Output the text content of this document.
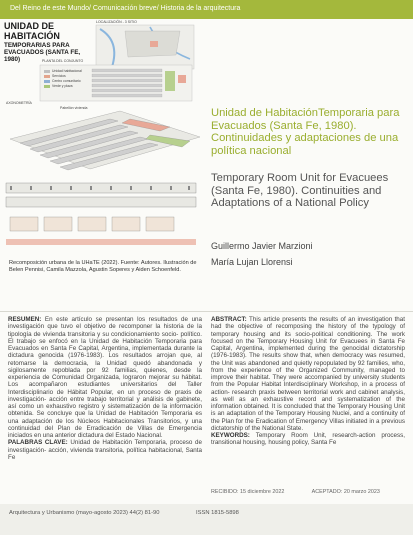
Del Reino de este Mundo/ Comunicación breve/ Historia de la arquitectura
UNIDAD DE HABITACIÓN
TEMPORARIAS PARA EVACUADOS (SANTA FE, 1980)
LOCALIZACIÓN - 3 SITIO
PLANTA DEL CONJUNTO
AXONOMETRÍA
Pabellón vivienda
Unidad habitacional
Servicios
Centro comunitario
Verde y plaza
Recomposición urbana de la UHaTE (2022). Fuente: Autores. Ilustración de Belen Pennisi, Camila Mazzola, Agustin Soperes y Aiden Schoenfeld.
Unidad de HabitaciónTemporaria para Evacuados (Santa Fe, 1980). Continuidades y adaptaciones de una política nacional
Temporary Room Unit for Evacuees (Santa Fe, 1980). Continuities and Adaptations of a National Policy
Guillermo Javier Marzioni
María Lujan Llorensi
RESUMEN: En este artículo se presentan los resultados de una investigación que tuvo el objetivo de recomponer la historia de la tipología de vivienda transitoria y su condicionamiento socio- político. El trabajo se enfocó en la Unidad de Habitación Temporaria para Evacuados en Santa Fe Capital, Argentina, implementada durante la dictadura genocida (1976-1983). Los resultados arrojan que, al retomarse la democracia, la Unidad quedó abandonada y sigilosamente repoblada por 92 familias, quienes, desde la experiencia de Comunidad Organizada, lograron mejorar su hábitat. Los acompañaron estudiantes universitarios del Taller Interdisciplinario de Hábitat Popular, en un proceso de praxis de investigación- acción entre trabajo territorial y análisis de gabinete, así como un exhaustivo registro y sistematización de la información obtenida. Se concluye que la Unidad de Habitación Temporaria es una adaptación de los Núcleos Habitacionales Transitorios, y una continuidad del Plan de Erradicación de Villas de Emergencia iniciados en una anterior dictadura del Estado Nacional.
PALABRAS CLAVE: Unidad de Habitación Temporaria, proceso de investigación- acción, vivienda transitoria, política habitacional, Santa Fe
ABSTRACT: This article presents the results of an investigation that had the objective of recomposing the history of the typology of temporary housing and its socio-political conditioning. The work focused on the Temporary Housing Unit for Evacuees in Santa Fe Capital, Argentina, implemented during the genocidal dictatorship (1976-1983). The results show that, when democracy was resumed, the Unit was abandoned and quietly repopulated by 92 families, who, from the experience of the Organized Community, managed to improve their habitat. They were accompanied by university students from the Popular Habitat Interdisciplinary Workshop, in a process of action- research praxis between territorial work and cabinet analysis, as well as an exhaustive record and systematization of the information obtained. It is concluded that the Temporary Housing Unit is an adaptation of the Temporary Housing Nuclei, and a continuity of the Plan for the Eradication of Emergency Villas initiated in a previous dictatorship of the National State.
KEYWORDS: Temporary Room Unit, research-action process, transitional housing, housing policy, Santa Fe
RECIBIDO: 15 diciembre 2022	ACEPTADO: 20 marzo 2023
Arquitectura y Urbanismo (mayo-agosto 2023) 44(2) 81-90	ISSN 1815-5898
